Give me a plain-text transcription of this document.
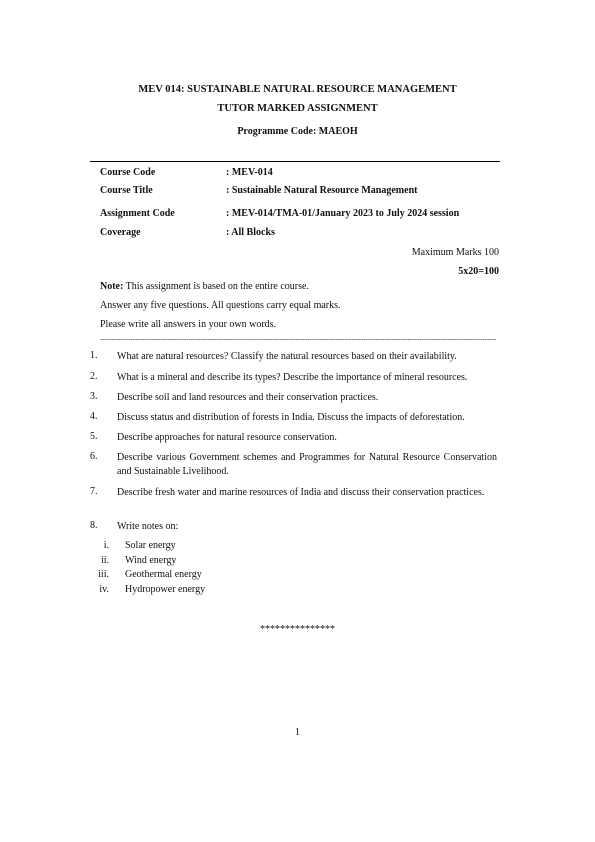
MEV 014: SUSTAINABLE NATURAL RESOURCE MANAGEMENT
TUTOR MARKED ASSIGNMENT
Programme Code: MAEOH
Course Code	: MEV-014
Course Title	: Sustainable Natural Resource Management
Assignment Code	: MEV-014/TMA-01/January 2023 to July 2024 session
Coverage	: All Blocks
Maximum Marks 100
5x20=100
Note: This assignment is based on the entire course.
Answer any five questions. All questions carry equal marks.
Please write all answers in your own words.
--------------------------------------------------------------------------------------------------------------------------------------------------------------------------
1. What are natural resources? Classify the natural resources based on their availability.
2. What is a mineral and describe its types? Describe the importance of mineral resources.
3. Describe soil and land resources and their conservation practices.
4. Discuss status and distribution of forests in India. Discuss the impacts of deforestation.
5. Describe approaches for natural resource conservation.
6. Describe various Government schemes and Programmes for Natural Resource Conservation and Sustainable Livelihood.
7. Describe fresh water and marine resources of India and discuss their conservation practices.
8. Write notes on:
i. Solar energy
ii. Wind energy
iii. Geothermal energy
iv. Hydropower energy
***************
1
